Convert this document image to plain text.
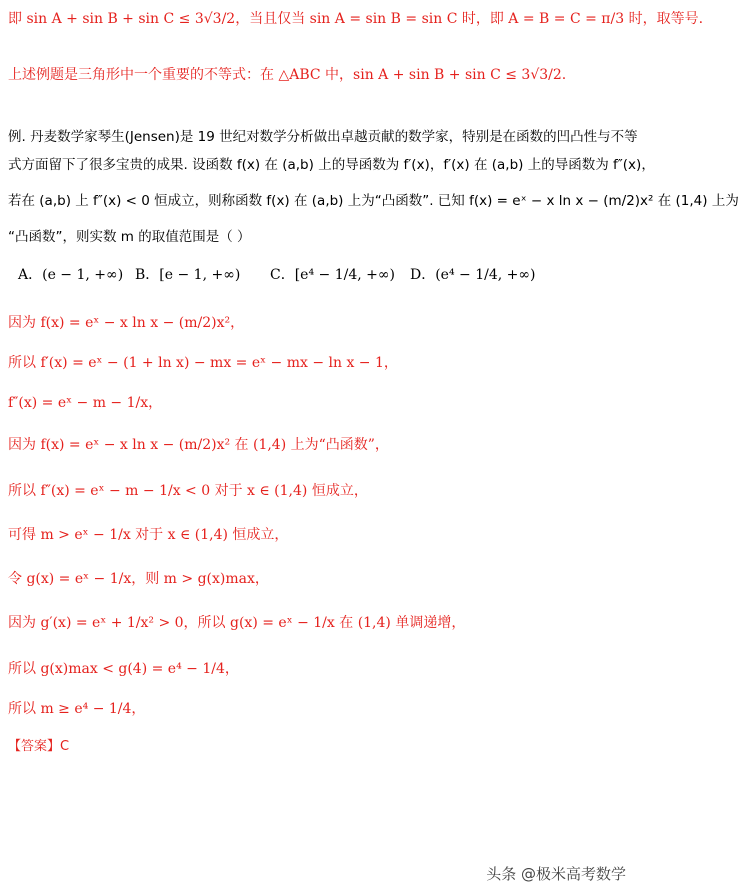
即 sin A + sin B + sin C ≤ 3√3/2，当且仅当 sin A = sin B = sin C 时，即 A = B = C = π/3 时，取等号.
上述例题是三角形中一个重要的不等式：在 △ABC 中，sin A + sin B + sin C ≤ 3√3/2.
例. 丹麦数学家琴生(Jensen)是 19 世纪对数学分析做出卓越贡献的数学家，特别是在函数的凹凸性与不等
式方面留下了很多宝贵的成果. 设函数 f(x) 在 (a,b) 上的导函数为 f′(x)，f′(x) 在 (a,b) 上的导函数为 f″(x)，
若在 (a,b) 上 f″(x) < 0 恒成立，则称函数 f(x) 在 (a,b) 上为“凸函数”. 已知 f(x) = eˣ − x ln x − (m/2)x² 在 (1,4) 上为
“凸函数”，则实数 m 的取值范围是（ ）
A．(e − 1, +∞) B．[e − 1, +∞) C．[e⁴ − 1/4, +∞) D．(e⁴ − 1/4, +∞)
因为 f(x) = eˣ − x ln x − (m/2)x²，
所以 f′(x) = eˣ − (1 + ln x) − mx = eˣ − mx − ln x − 1，
f″(x) = eˣ − m − 1/x，
因为 f(x) = eˣ − x ln x − (m/2)x² 在 (1,4) 上为“凸函数”，
所以 f″(x) = eˣ − m − 1/x < 0 对于 x ∈ (1,4) 恒成立，
可得 m > eˣ − 1/x 对于 x ∈ (1,4) 恒成立，
令 g(x) = eˣ − 1/x，则 m > g(x)max，
因为 g′(x) = eˣ + 1/x² > 0，所以 g(x) = eˣ − 1/x 在 (1,4) 单调递增，
所以 g(x)max < g(4) = e⁴ − 1/4，
所以 m ≥ e⁴ − 1/4，
【答案】C
头条 @极米高考数学
